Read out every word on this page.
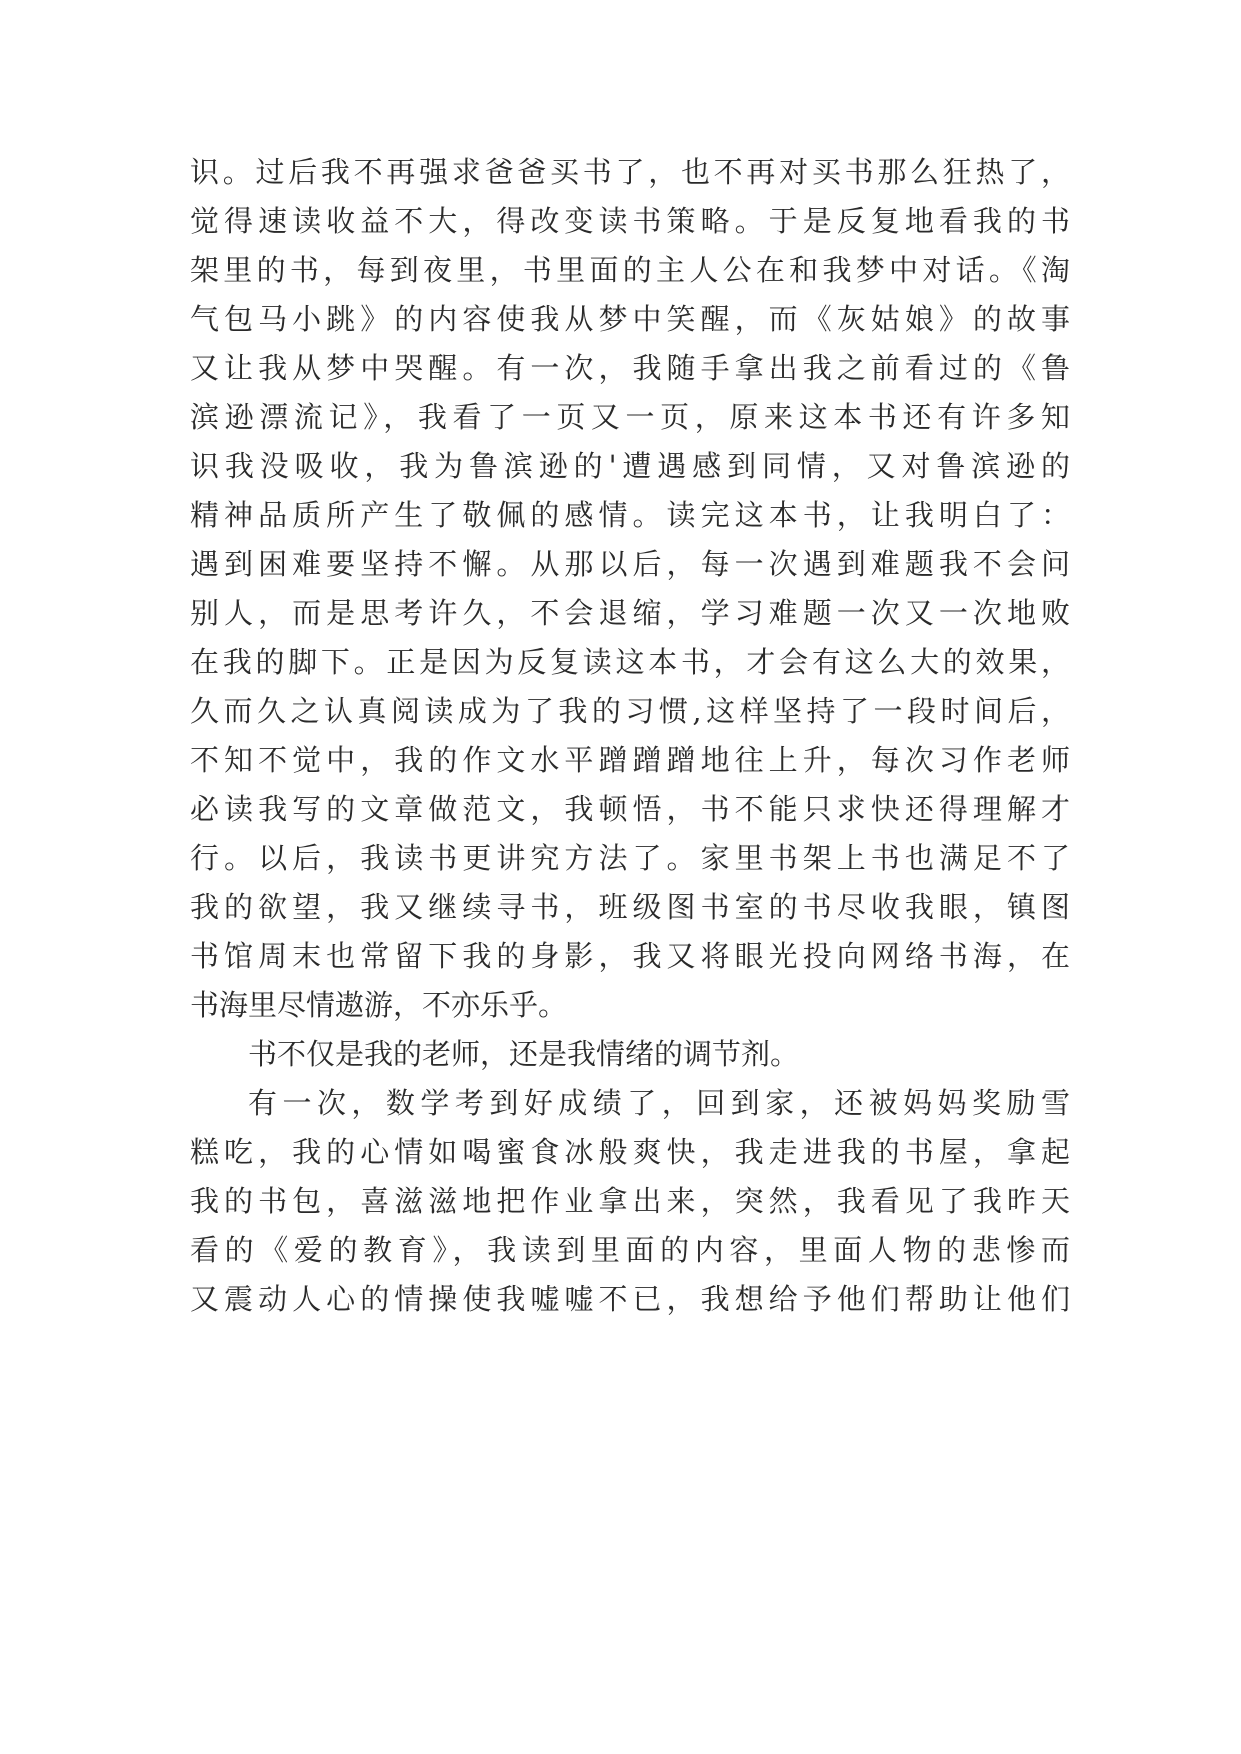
识。过后我不再强求爸爸买书了，也不再对买书那么狂热了，
觉得速读收益不大，得改变读书策略。于是反复地看我的书
架里的书，每到夜里，书里面的主人公在和我梦中对话。《淘
气包马小跳》的内容使我从梦中笑醒，而《灰姑娘》的故事
又让我从梦中哭醒。有一次，我随手拿出我之前看过的《鲁
滨逊漂流记》，我看了一页又一页，原来这本书还有许多知
识我没吸收，我为鲁滨逊的'遭遇感到同情，又对鲁滨逊的
精神品质所产生了敬佩的感情。读完这本书，让我明白了：
遇到困难要坚持不懈。从那以后，每一次遇到难题我不会问
别人，而是思考许久，不会退缩，学习难题一次又一次地败
在我的脚下。正是因为反复读这本书，才会有这么大的效果，
久而久之认真阅读成为了我的习惯,这样坚持了一段时间后，
不知不觉中，我的作文水平蹭蹭蹭地往上升，每次习作老师
必读我写的文章做范文，我顿悟，书不能只求快还得理解才
行。以后，我读书更讲究方法了。家里书架上书也满足不了
我的欲望，我又继续寻书，班级图书室的书尽收我眼，镇图
书馆周末也常留下我的身影，我又将眼光投向网络书海，在
书海里尽情遨游，不亦乐乎。
书不仅是我的老师，还是我情绪的调节剂。
有一次，数学考到好成绩了，回到家，还被妈妈奖励雪
糕吃，我的心情如喝蜜食冰般爽快，我走进我的书屋，拿起
我的书包，喜滋滋地把作业拿出来，突然，我看见了我昨天
看的《爱的教育》，我读到里面的内容，里面人物的悲惨而
又震动人心的情操使我嘘嘘不已，我想给予他们帮助让他们
